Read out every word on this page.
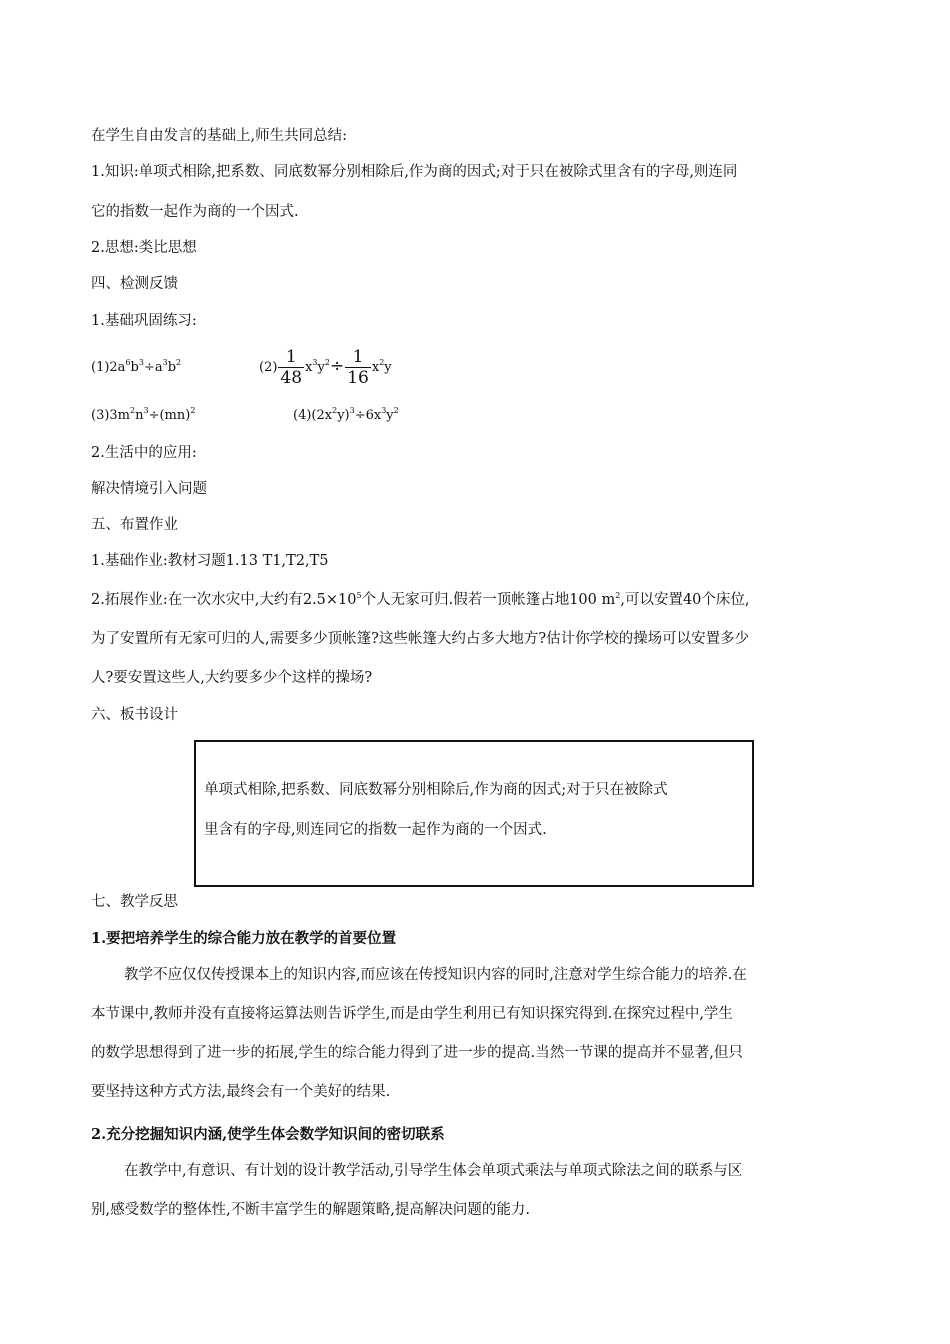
在学生自由发言的基础上,师生共同总结:
1.知识:单项式相除,把系数、同底数幂分别相除后,作为商的因式;对于只在被除式里含有的字母,则连同
它的指数一起作为商的一个因式.
2.思想:类比思想
四、检测反馈
1.基础巩固练习:
$(1)2a^6b^3\div a^3b^2$	$(2) \frac{1}{48} x^3y^2\div \frac{1}{16} x^2y$
$(3)3m^2n^3\div(mn)^2$	$(4)(2x^2y)^3\div 6x^3y^2$
2.生活中的应用:
解决情境引入问题
五、布置作业
1.基础作业:教材习题1.13 T1,T2,T5
2.拓展作业:在一次水灾中,大约有$2.5\times 10^5$个人无家可归.假若一顶帐篷占地100 $m^2$,可以安置40个床位,
为了安置所有无家可归的人,需要多少顶帐篷?这些帐篷大约占多大地方?估计你学校的操场可以安置多少
人?要安置这些人,大约要多少个这样的操场?
六、板书设计
单项式相除,把系数、同底数幂分别相除后,作为商的因式;对于只在被除式
里含有的字母,则连同它的指数一起作为商的一个因式.
七、教学反思
1.要把培养学生的综合能力放在教学的首要位置
教学不应仅仅传授课本上的知识内容,而应该在传授知识内容的同时,注意对学生综合能力的培养.在
本节课中,教师并没有直接将运算法则告诉学生,而是由学生利用已有知识探究得到.在探究过程中,学生
的数学思想得到了进一步的拓展,学生的综合能力得到了进一步的提高.当然一节课的提高并不显著,但只
要坚持这种方式方法,最终会有一个美好的结果.
2.充分挖掘知识内涵,使学生体会数学知识间的密切联系
在教学中,有意识、有计划的设计教学活动,引导学生体会单项式乘法与单项式除法之间的联系与区
别,感受数学的整体性,不断丰富学生的解题策略,提高解决问题的能力.
